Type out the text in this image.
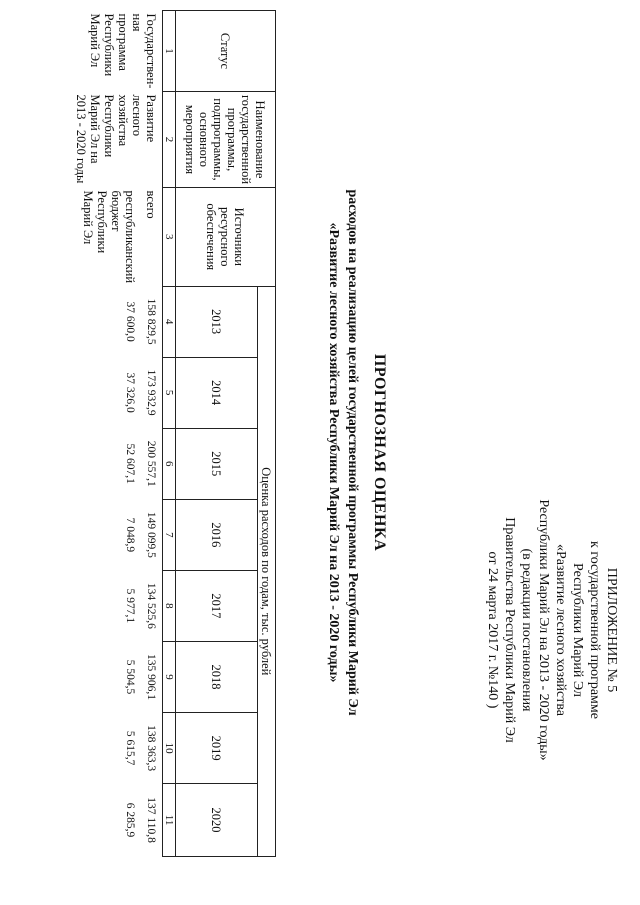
ПРИЛОЖЕНИЕ № 5
к государственной программе
Республики Марий Эл
«Развитие лесного хозяйства
Республики Марий Эл на 2013 - 2020 годы»
(в редакции постановления
Правительства Республики Марий Эл
от 24 марта 2017 г. №140 )
ПРОГНОЗНАЯ ОЦЕНКА
расходов на реализацию целей государственной программы Республики Марий Эл
«Развитие лесного хозяйства Республики Марий Эл на 2013 - 2020 годы»
Статус	Наименование государственной программы, подпрограммы, основного мероприятия	Источники ресурсного обеспечения	Оценка расходов по годам, тыс. рублей							
			2013	2014	2015	2016	2017	2018	2019	2020
1	2	3	4	5	6	7	8	9	10	11
Государствен-ная программа Республики Марий Эл	Развитие лесного хозяйства Республики Марий Эл на 2013 - 2020 годы	всего	158 829,5	173 932,9	200 557,1	149 099,5	134 525,6	135 906,1	138 363,3	137 110,8
		республиканский бюджет Республики Марий Эл	37 600,0	37 326,0	52 607,1	7 048,9	5 977,1	5 504,5	5 615,7	6 285,9
